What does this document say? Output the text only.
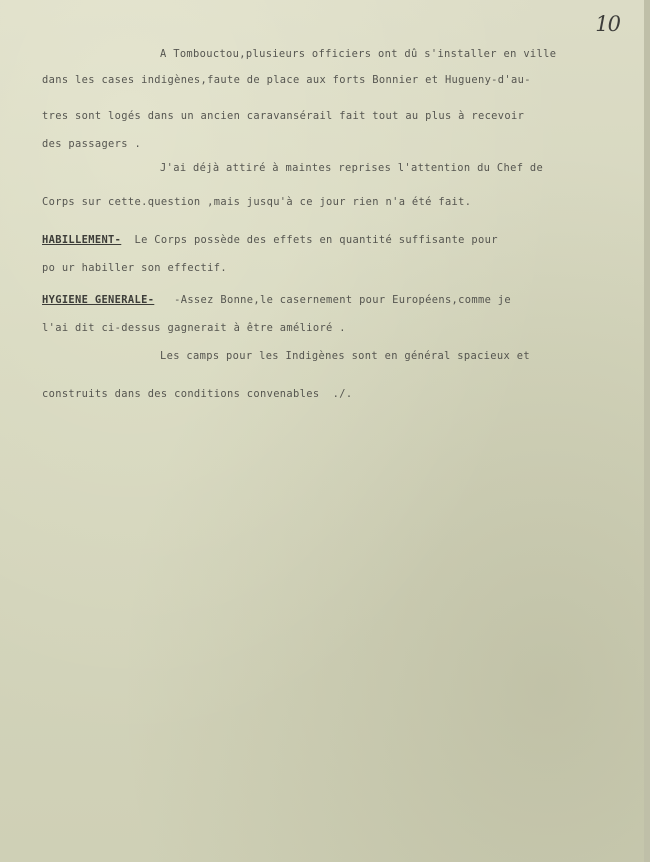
10
A Tombouctou,plusieurs officiers ont dû s'installer en ville
dans les cases indigènes,faute de place aux forts Bonnier et Hugueny-d'au-
tres sont logés dans un ancien caravansérail fait tout au plus à recevoir
des passagers .
J'ai déjà attiré à maintes reprises l'attention du Chef de
Corps sur cette.question ,mais jusqu'à ce jour rien n'a été fait.
HABILLEMENT-  Le Corps possède des effets en quantité suffisante pour
po ur habiller son effectif.
HYGIENE GENERALE-   -Assez Bonne,le casernement pour Européens,comme je
l'ai dit ci-dessus gagnerait à être amélioré .
Les camps pour les Indigènes sont en général spacieux et
construits dans des conditions convenables  ./.
